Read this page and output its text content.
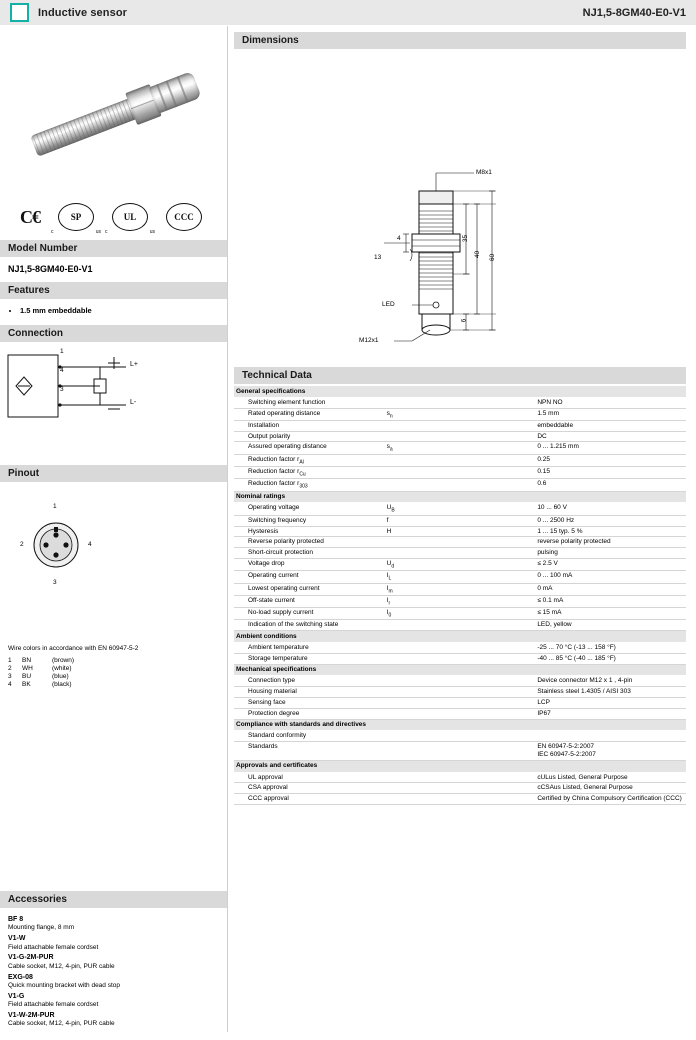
Inductive sensor	NJ1,5-8GM40-E0-V1
C€	SP
c	us
UL
c	us
CCC
Model Number
NJ1,5-8GM40-E0-V1
Features
• 1.5 mm embeddable
Connection
1
4
3
L+
L-
Pinout
1
2	4
3
Wire colors in accordance with EN 60947-5-2
1	BN	(brown)
2	WH	(white)
3	BU	(blue)
4	BK	(black)
Accessories
BF 8
Mounting flange, 8 mm
V1-W
Field attachable female cordset
V1-G-2M-PUR
Cable socket, M12, 4-pin, PUR cable
EXG-08
Quick mounting bracket with dead stop
V1-G
Field attachable female cordset
V1-W-2M-PUR
Cable socket, M12, 4-pin, PUR cable
Dimensions
M8x1
M12x1
LED
4
13
35
40 60
6
Technical Data
General specifications		
Switching element function		NPN NO
Rated operating distance	$s_n$	1.5 mm
Installation		embeddable
Output polarity		DC
Assured operating distance	$s_a$	0 ... 1.215 mm
Reduction factor $r_{Al}$		0.25
Reduction factor $r_{Cu}$		0.15
Reduction factor $r_{303}$		0.6
Nominal ratings		
Operating voltage	$U_B$	10 ... 60 V
Switching frequency	f	0 ... 2500 Hz
Hysteresis	H	1 ... 15 typ. 5 %
Reverse polarity protected		reverse polarity protected
Short-circuit protection		pulsing
Voltage drop	$U_d$	≤ 2.5 V
Operating current	$I_L$	0 ... 100 mA
Lowest operating current	$I_m$	0 mA
Off-state current	$I_r$	≤ 0.1 mA
No-load supply current	$I_0$	≤ 15 mA
Indication of the switching state		LED, yellow
Ambient conditions		
Ambient temperature		-25 ... 70 °C (-13 ... 158 °F)
Storage temperature		-40 ... 85 °C (-40 ... 185 °F)
Mechanical specifications		
Connection type		Device connector M12 x 1 , 4-pin
Housing material		Stainless steel 1.4305 / AISI 303
Sensing face		LCP
Protection degree		IP67
Compliance with standards and directives		
Standard conformity		
Standards		EN 60947-5-2:2007
IEC 60947-5-2:2007
Approvals and certificates		
UL approval		cULus Listed, General Purpose
CSA approval		cCSAus Listed, General Purpose
CCC approval		Certified by China Compulsory Certification (CCC)
